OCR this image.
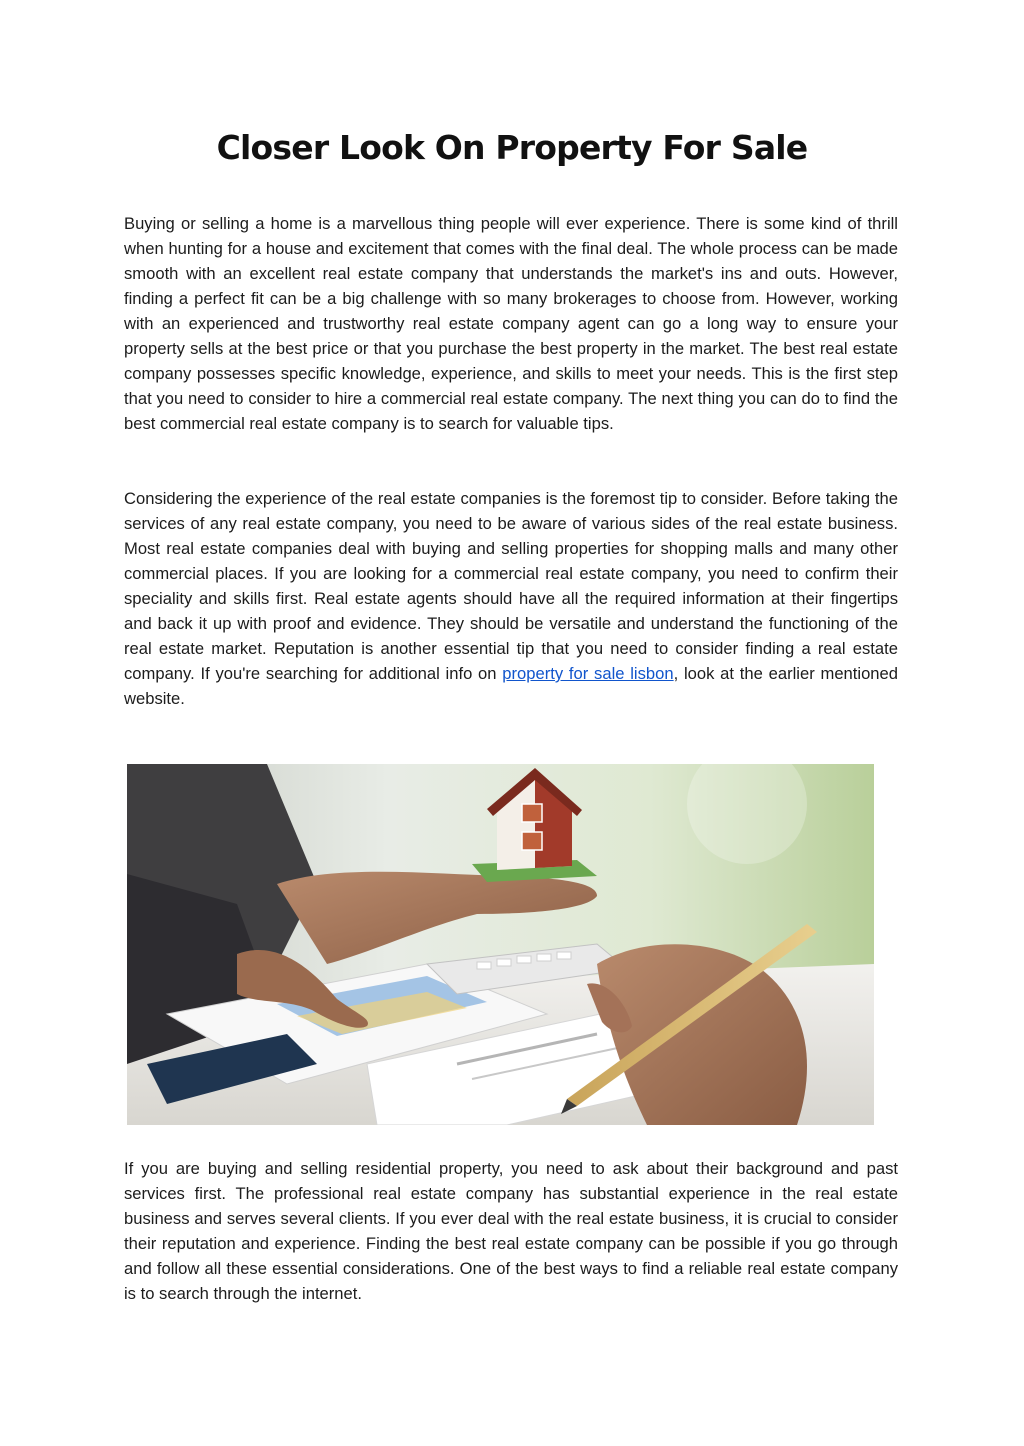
Closer Look On Property For Sale

Buying or selling a home is a marvellous thing people will ever experience. There is some kind of thrill when hunting for a house and excitement that comes with the final deal. The whole process can be made smooth with an excellent real estate company that understands the market's ins and outs. However, finding a perfect fit can be a big challenge with so many brokerages to choose from. However, working with an experienced and trustworthy real estate company agent can go a long way to ensure your property sells at the best price or that you purchase the best property in the market. The best real estate company possesses specific knowledge, experience, and skills to meet your needs. This is the first step that you need to consider to hire a commercial real estate company. The next thing you can do to find the best commercial real estate company is to search for valuable tips.

Considering the experience of the real estate companies is the foremost tip to consider. Before taking the services of any real estate company, you need to be aware of various sides of the real estate business. Most real estate companies deal with buying and selling properties for shopping malls and many other commercial places. If you are looking for a commercial real estate company, you need to confirm their speciality and skills first. Real estate agents should have all the required information at their fingertips and back it up with proof and evidence. They should be versatile and understand the functioning of the real estate market. Reputation is another essential tip that you need to consider finding a real estate company. If you're searching for additional info on property for sale lisbon, look at the earlier mentioned website.

If you are buying and selling residential property, you need to ask about their background and past services first. The professional real estate company has substantial experience in the real estate business and serves several clients. If you ever deal with the real estate business, it is crucial to consider their reputation and experience. Finding the best real estate company can be possible if you go through and follow all these essential considerations. One of the best ways to find a reliable real estate company is to search through the internet.
